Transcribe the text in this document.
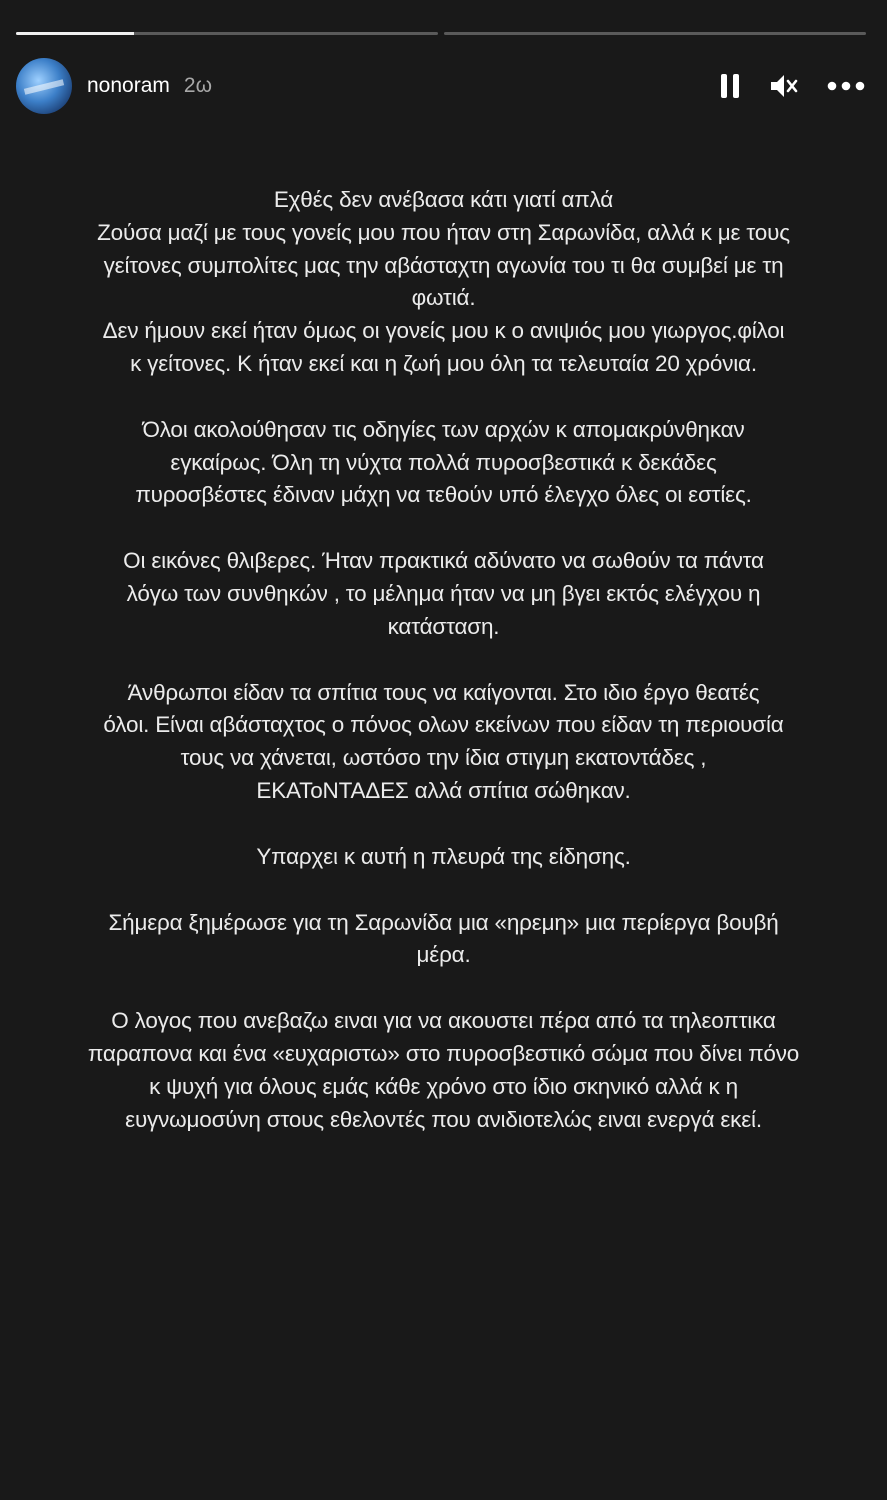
nonoram 2ω
Εχθές δεν ανέβασα κάτι γιατί απλά
Ζούσα μαζί με τους γονείς μου που ήταν στη Σαρωνίδα, αλλά κ με τους
γείτονες συμπολίτες μας την αβάσταχτη αγωνία του τι θα συμβεί με τη
φωτιά.
Δεν ήμουν εκεί ήταν όμως οι γονείς μου κ ο ανιψιός μου γιωργος.φίλοι
κ γείτονες. Κ ήταν εκεί και η ζωή μου όλη τα τελευταία 20 χρόνια.
Όλοι ακολούθησαν τις οδηγίες των αρχών κ απομακρύνθηκαν
εγκαίρως. Όλη τη νύχτα πολλά πυροσβεστικά κ δεκάδες
πυροσβέστες έδιναν μάχη να τεθούν υπό έλεγχο όλες οι εστίες.
Οι εικόνες θλιβερες. Ήταν πρακτικά αδύνατο να σωθούν τα πάντα
λόγω των συνθηκών , το μέλημα ήταν να μη βγει εκτός ελέγχου η
κατάσταση.
Άνθρωποι είδαν τα σπίτια τους να καίγονται. Στο ιδιο έργο θεατές
όλοι. Είναι αβάσταχτος ο πόνος ολων εκείνων που είδαν τη περιουσία
τους να χάνεται, ωστόσο την ίδια στιγμη εκατοντάδες ,
ΕΚΑΤοΝΤΑΔΕΣ αλλά σπίτια σώθηκαν.
Υπαρχει κ αυτή η πλευρά της είδησης.
Σήμερα ξημέρωσε για τη Σαρωνίδα μια «ηρεμη» μια περίεργα βουβή
μέρα.
Ο λογος που ανεβαζω ειναι για να ακουστει πέρα από τα τηλεοπτικα
παραπονα και ένα «ευχαριστω» στο πυροσβεστικό σώμα που δίνει πόνο
κ ψυχή για όλους εμάς κάθε χρόνο στο ίδιο σκηνικό αλλά κ η
ευγνωμοσύνη στους εθελοντές που ανιδιοτελώς ειναι ενεργά εκεί.
